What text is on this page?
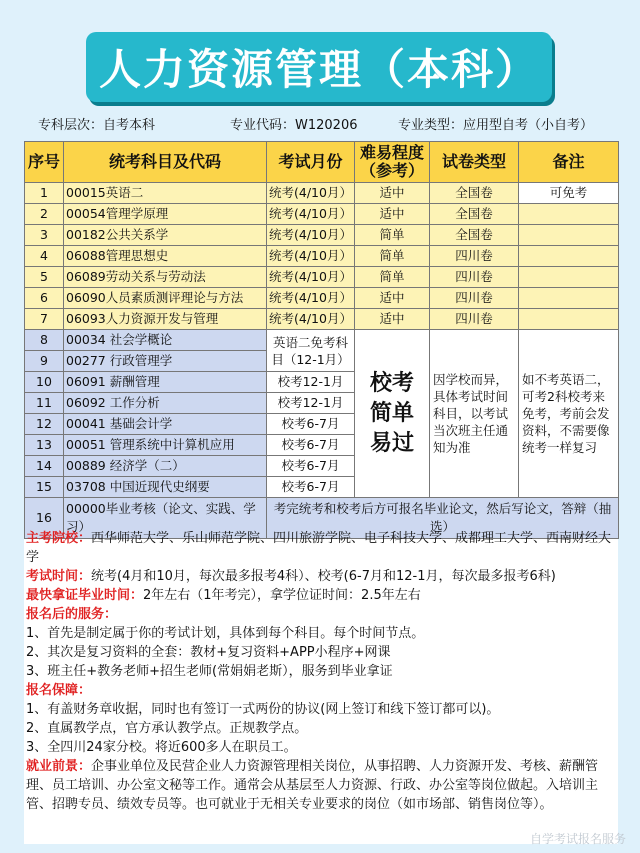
人力资源管理（本科）
专科层次：自考本科	专业代码：W120206	专业类型：应用型自考（小自考）
序号	统考科目及代码	考试月份	难易程度（参考）	试卷类型	备注
1	00015英语二	统考(4/10月）	适中	全国卷	可免考
2	00054管理学原理	统考(4/10月）	适中	全国卷	
3	00182公共关系学	统考(4/10月）	简单	全国卷	
4	06088管理思想史	统考(4/10月）	简单	四川卷	
5	06089劳动关系与劳动法	统考(4/10月）	简单	四川卷	
6	06090人员素质测评理论与方法	统考(4/10月）	适中	四川卷	
7	06093人力资源开发与管理	统考(4/10月）	适中	四川卷	
8	00034 社会学概论	英语二免考科目（12-1月）	校考简单易过	因学校而异，具体考试时间科目，以考试当次班主任通知为准	如不考英语二，可考2科校考来免考，考前会发资料，不需要像统考一样复习
9	00277 行政管理学				
10	06091 薪酬管理	校考12-1月			
11	06092 工作分析	校考12-1月			
12	00041 基础会计学	校考6-7月			
13	00051 管理系统中计算机应用	校考6-7月			
14	00889 经济学（二）	校考6-7月			
15	03708 中国近现代史纲要	校考6-7月			
16	00000毕业考核（论文、实践、学习）	考完统考和校考后方可报名毕业论文，然后写论文，答辩（抽选）			
主考院校：西华师范大学、乐山师范学院、四川旅游学院、电子科技大学、成都理工大学、西南财经大学
考试时间：统考(4月和10月，每次最多报考4科）、校考(6-7月和12-1月，每次最多报考6科)
最快拿证毕业时间：2年左右（1年考完），拿学位证时间：2.5年左右
报名后的服务：
1、首先是制定属于你的考试计划，具体到每个科目。每个时间节点。
2、其次是复习资料的全套：教材+复习资料+APP小程序+网课
3、班主任+教务老师+招生老师(常娟娟老斯），服务到毕业拿证
报名保障：
1、有盖财务章收据，同时也有签订一式两份的协议(网上签订和线下签订都可以)。
2、直属教学点，官方承认教学点。正规教学点。
3、全四川24家分校。将近600多人在职员工。
就业前景：企事业单位及民营企业人力资源管理相关岗位，从事招聘、人力资源开发、考核、薪酬管理、员工培训、办公室文秘等工作。通常会从基层至人力资源、行政、办公室等岗位做起。入培训主管、招聘专员、绩效专员等。也可就业于无相关专业要求的岗位（如市场部、销售岗位等）。
自学考试报名服务
